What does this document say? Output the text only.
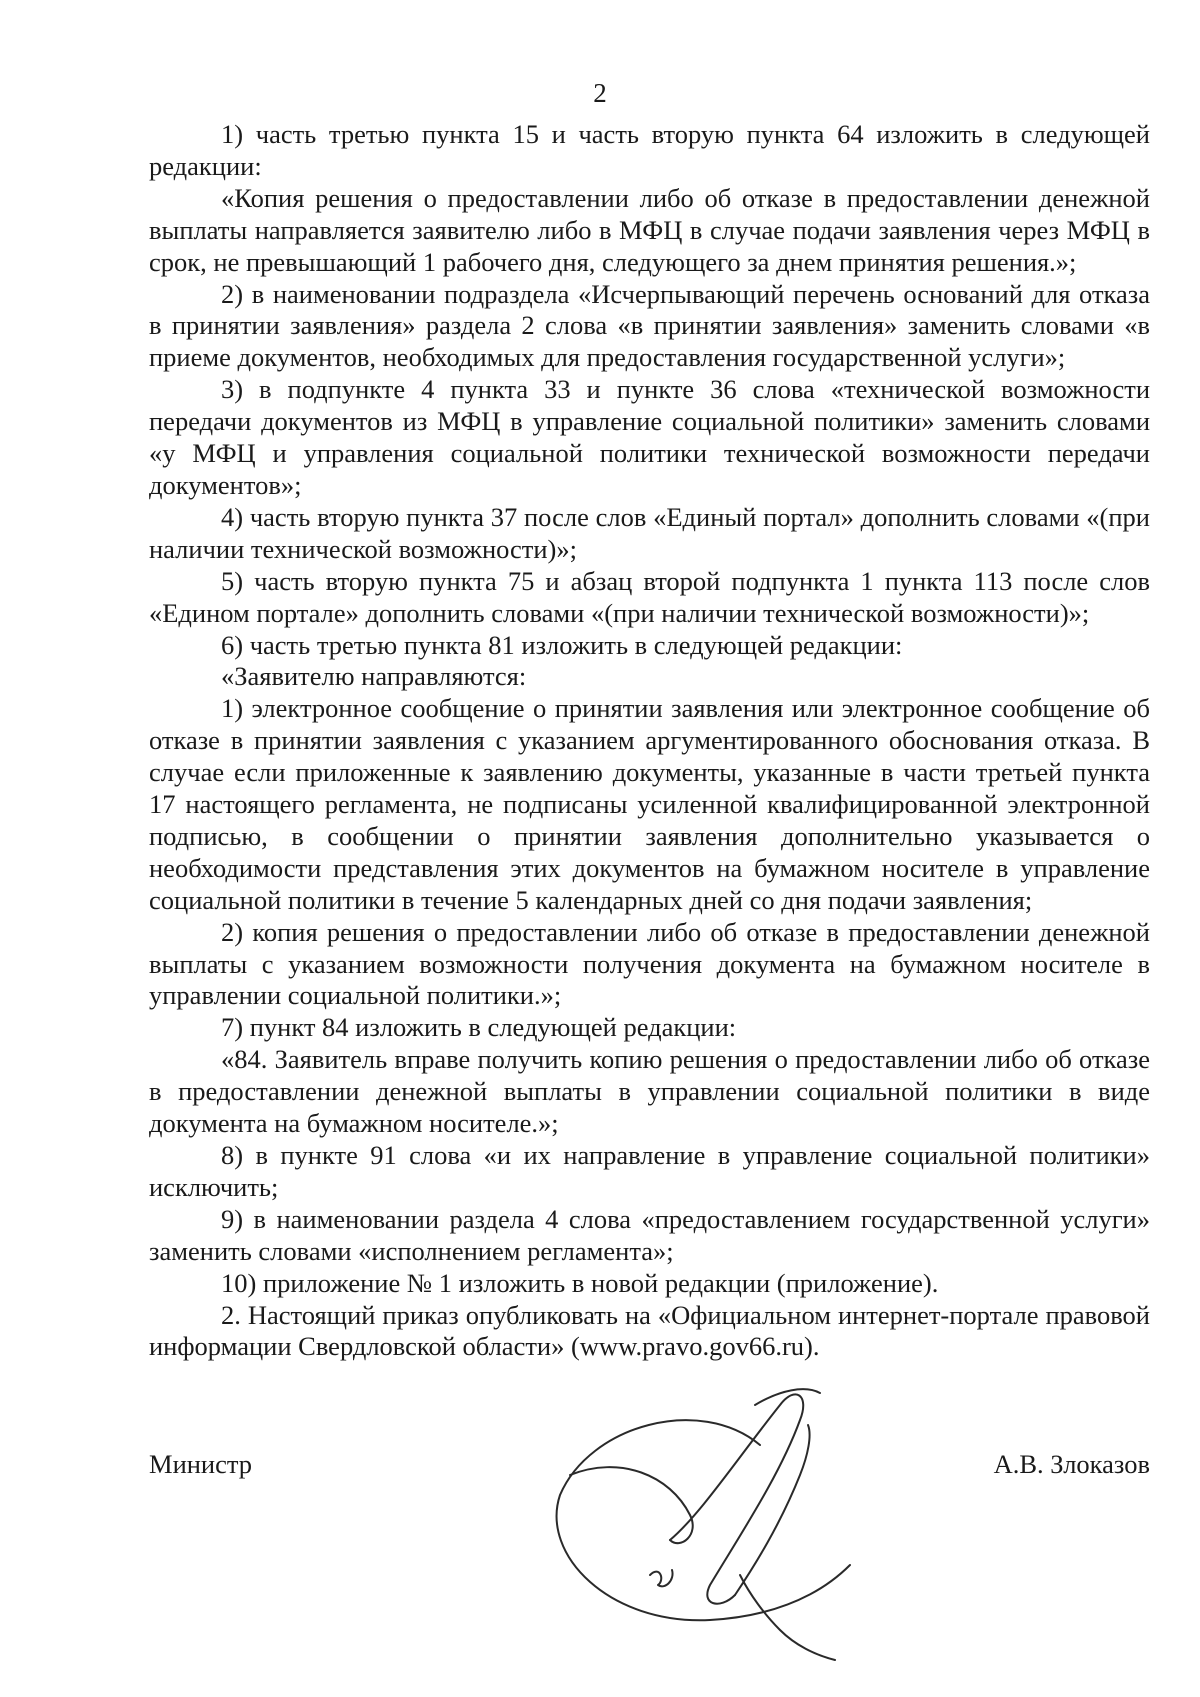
2

1) часть третью пункта 15 и часть вторую пункта 64 изложить в следующей редакции:

«Копия решения о предоставлении либо об отказе в предоставлении денежной выплаты направляется заявителю либо в МФЦ в случае подачи заявления через МФЦ в срок, не превышающий 1 рабочего дня, следующего за днем принятия решения.»;

2) в наименовании подраздела «Исчерпывающий перечень оснований для отказа в принятии заявления» раздела 2 слова «в принятии заявления» заменить словами «в приеме документов, необходимых для предоставления государственной услуги»;

3) в подпункте 4 пункта 33 и пункте 36 слова «технической возможности передачи документов из МФЦ в управление социальной политики» заменить словами «у МФЦ и управления социальной политики технической возможности передачи документов»;

4) часть вторую пункта 37 после слов «Единый портал» дополнить словами «(при наличии технической возможности)»;

5) часть вторую пункта 75 и абзац второй подпункта 1 пункта 113 после слов «Едином портале» дополнить словами «(при наличии технической возможности)»;

6) часть третью пункта 81 изложить в следующей редакции:

«Заявителю направляются:

1) электронное сообщение о принятии заявления или электронное сообщение об отказе в принятии заявления с указанием аргументированного обоснования отказа. В случае если приложенные к заявлению документы, указанные в части третьей пункта 17 настоящего регламента, не подписаны усиленной квалифицированной электронной подписью, в сообщении о принятии заявления дополнительно указывается о необходимости представления этих документов на бумажном носителе в управление социальной политики в течение 5 календарных дней со дня подачи заявления;

2) копия решения о предоставлении либо об отказе в предоставлении денежной выплаты с указанием возможности получения документа на бумажном носителе в управлении социальной политики.»;

7) пункт 84 изложить в следующей редакции:

«84. Заявитель вправе получить копию решения о предоставлении либо об отказе в предоставлении денежной выплаты в управлении социальной политики в виде документа на бумажном носителе.»;

8) в пункте 91 слова «и их направление в управление социальной политики» исключить;

9) в наименовании раздела 4 слова «предоставлением государственной услуги» заменить словами «исполнением регламента»;

10) приложение № 1 изложить в новой редакции (приложение).

2. Настоящий приказ опубликовать на «Официальном интернет-портале правовой информации Свердловской области» (www.pravo.gov66.ru).

Министр	А.В. Злоказов
